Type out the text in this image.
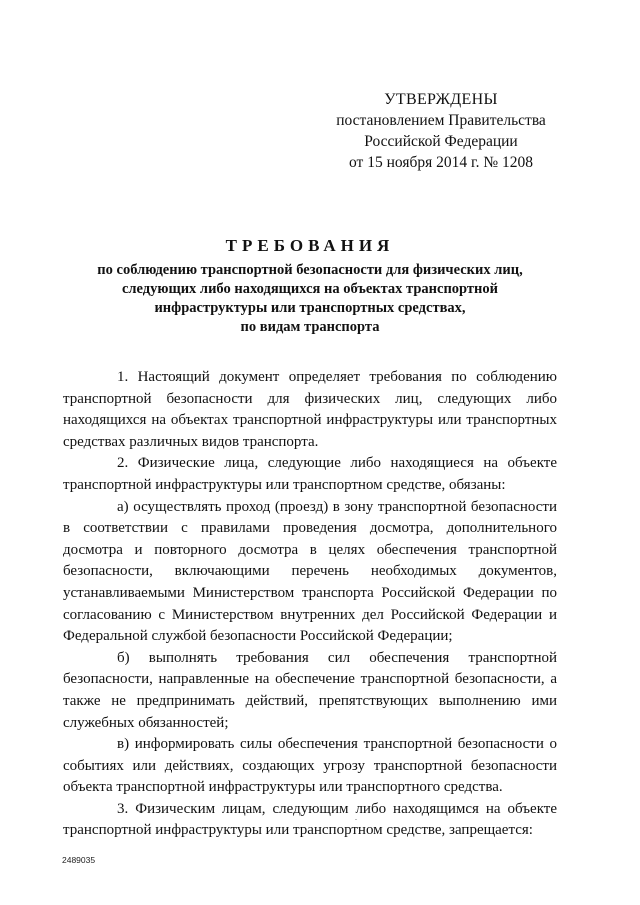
УТВЕРЖДЕНЫ
постановлением Правительства
Российской Федерации
от 15 ноября 2014 г. № 1208
ТРЕБОВАНИЯ
по соблюдению транспортной безопасности для физических лиц,
следующих либо находящихся на объектах транспортной
инфраструктуры или транспортных средствах,
по видам транспорта

1. Настоящий документ определяет требования по соблюдению транспортной безопасности для физических лиц, следующих либо находящихся на объектах транспортной инфраструктуры или транспортных средствах различных видов транспорта.

2. Физические лица, следующие либо находящиеся на объекте транспортной инфраструктуры или транспортном средстве, обязаны:

а) осуществлять проход (проезд) в зону транспортной безопасности в соответствии с правилами проведения досмотра, дополнительного досмотра и повторного досмотра в целях обеспечения транспортной безопасности, включающими перечень необходимых документов, устанавливаемыми Министерством транспорта Российской Федерации по согласованию с Министерством внутренних дел Российской Федерации и Федеральной службой безопасности Российской Федерации;

б) выполнять требования сил обеспечения транспортной безопасности, направленные на обеспечение транспортной безопасности, а также не предпринимать действий, препятствующих выполнению ими служебных обязанностей;

в) информировать силы обеспечения транспортной безопасности о событиях или действиях, создающих угрозу транспортной безопасности объекта транспортной инфраструктуры или транспортного средства.

3. Физическим лицам, следующим либо находящимся на объекте транспортной инфраструктуры или транспортном средстве, запрещается:

2489035
